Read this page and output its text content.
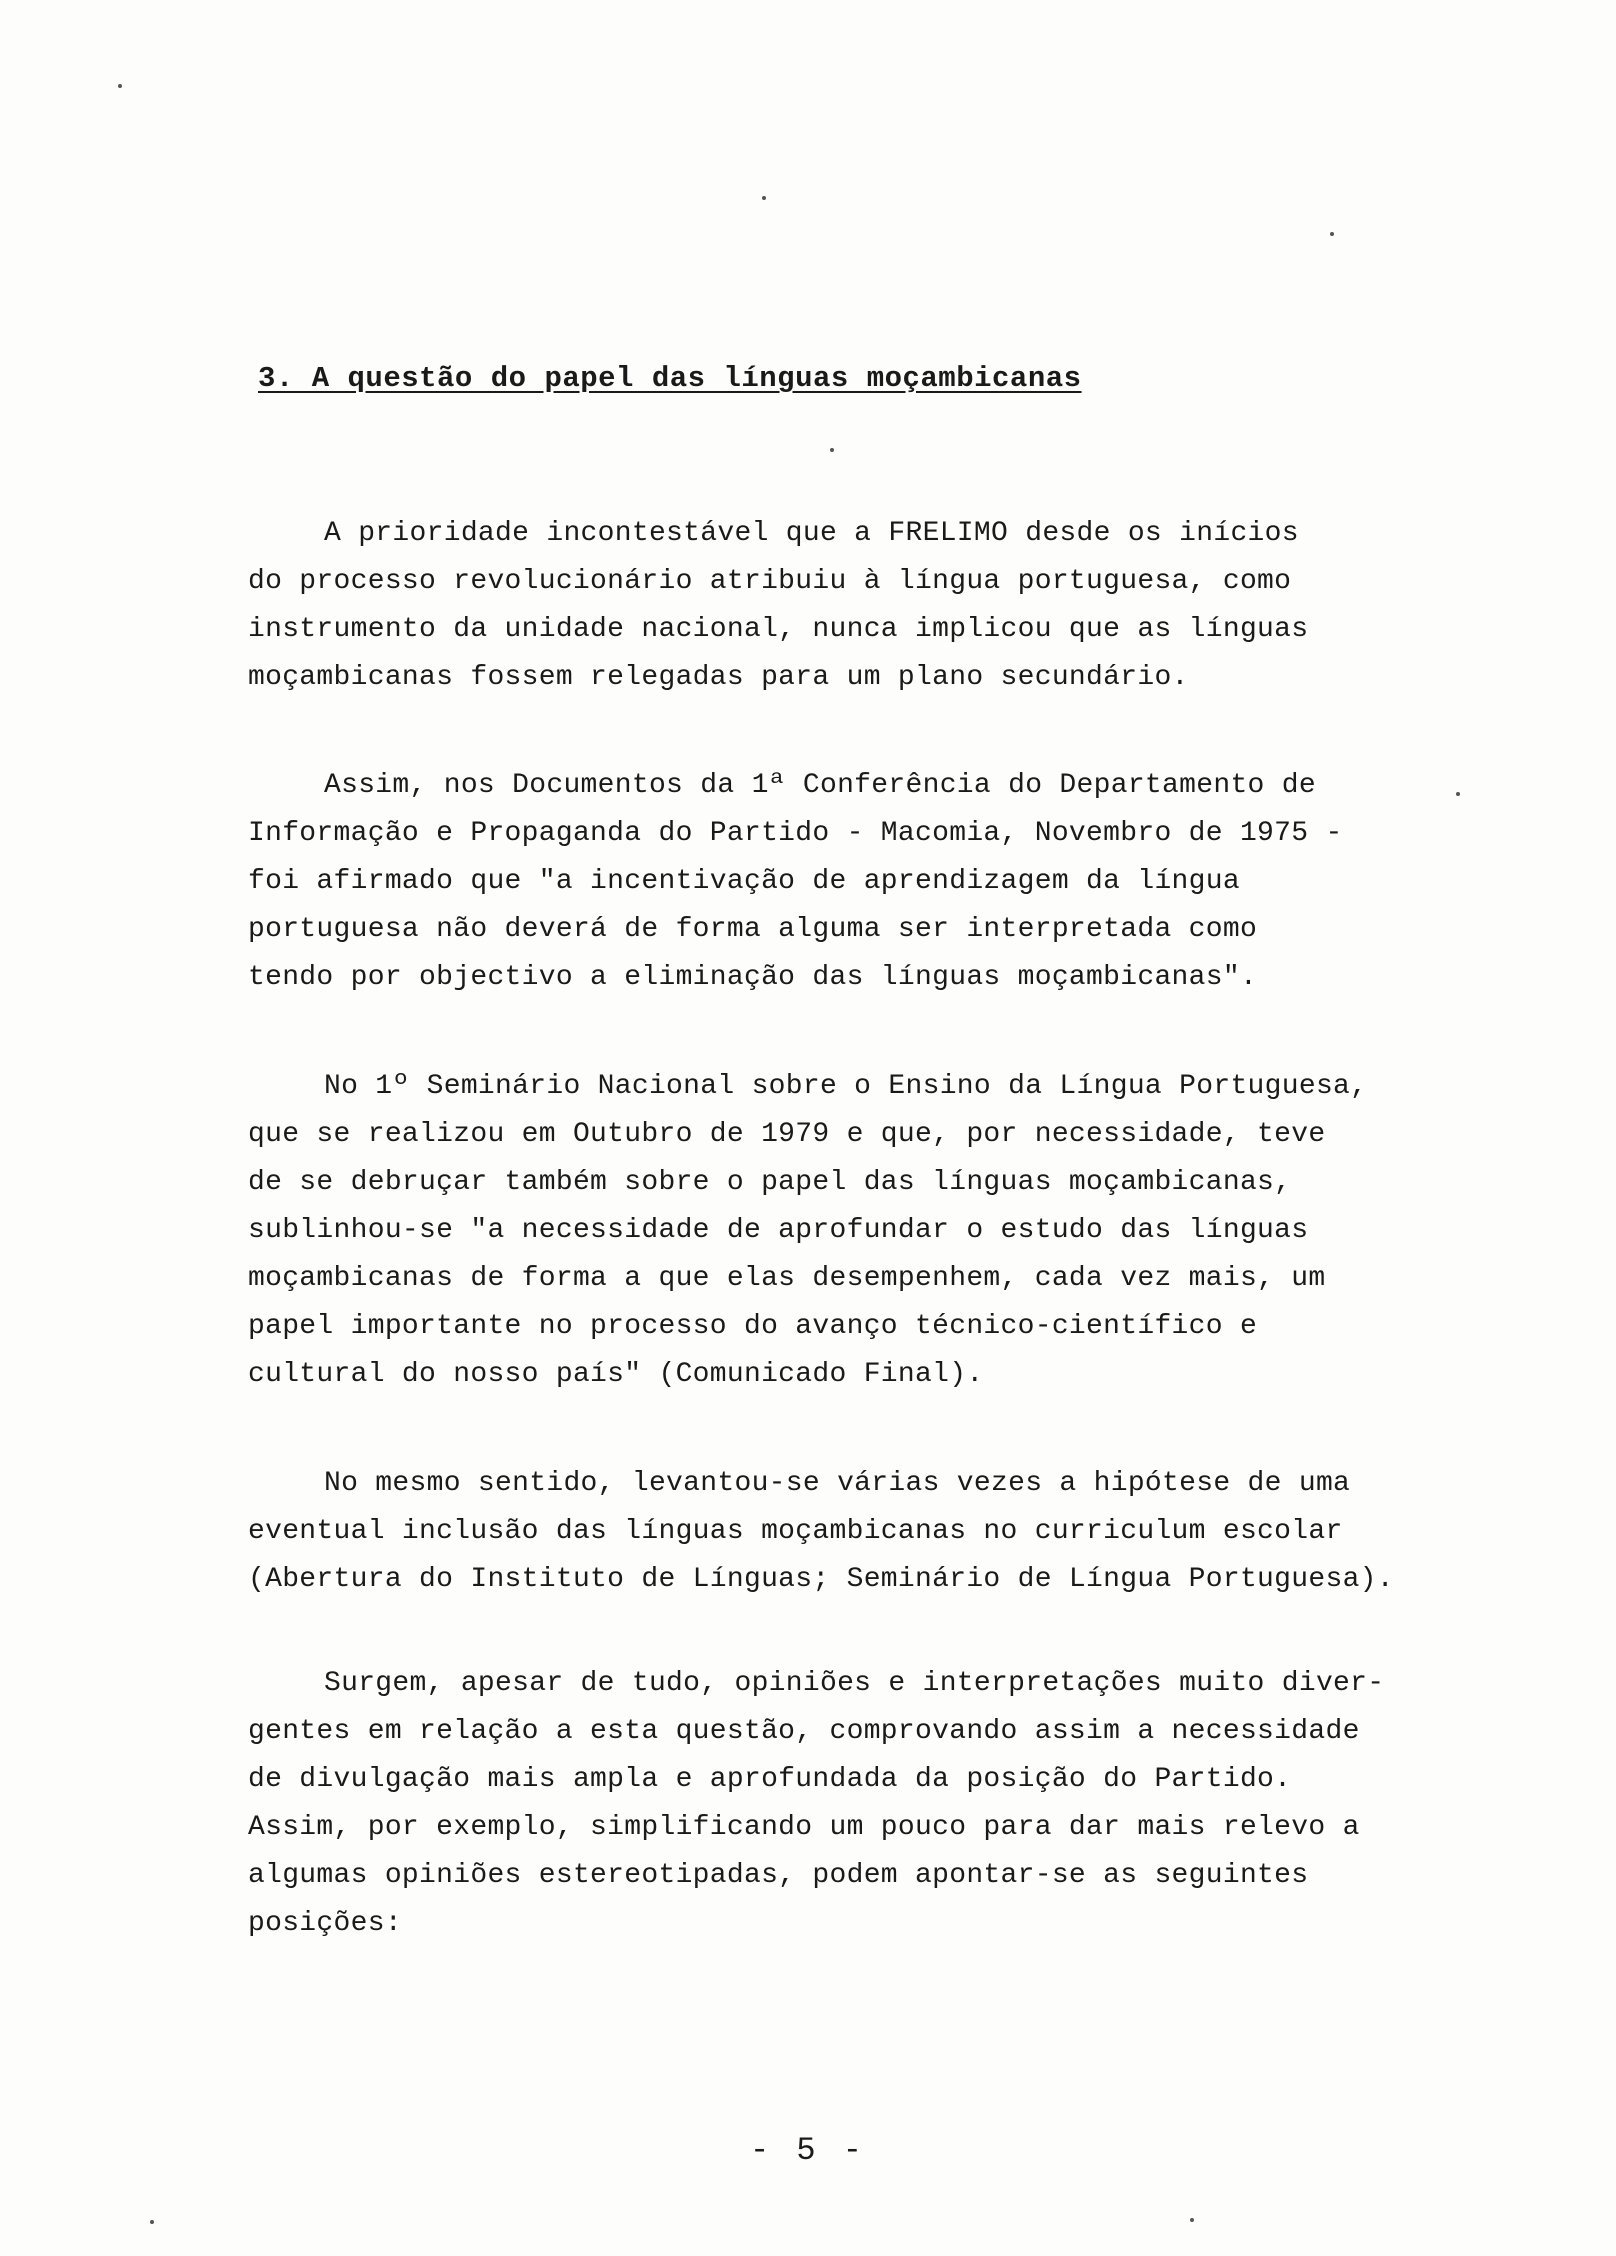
3. A questão do papel das línguas moçambicanas
A prioridade incontestável que a FRELIMO desde os inícios
do processo revolucionário atribuiu à língua portuguesa, como
instrumento da unidade nacional, nunca implicou que as línguas
moçambicanas fossem relegadas para um plano secundário.
Assim, nos Documentos da 1ª Conferência do Departamento de
Informação e Propaganda do Partido - Macomia, Novembro de 1975 -
foi afirmado que "a incentivação de aprendizagem da língua
portuguesa não deverá de forma alguma ser interpretada como
tendo por objectivo a eliminação das línguas moçambicanas".
No 1º Seminário Nacional sobre o Ensino da Língua Portuguesa,
que se realizou em Outubro de 1979 e que, por necessidade, teve
de se debruçar também sobre o papel das línguas moçambicanas,
sublinhou-se "a necessidade de aprofundar o estudo das línguas
moçambicanas de forma a que elas desempenhem, cada vez mais, um
papel importante no processo do avanço técnico-científico e
cultural do nosso país" (Comunicado Final).
No mesmo sentido, levantou-se várias vezes a hipótese de uma
eventual inclusão das línguas moçambicanas no curriculum escolar
(Abertura do Instituto de Línguas; Seminário de Língua Portuguesa).
Surgem, apesar de tudo, opiniões e interpretações muito diver-
gentes em relação a esta questão, comprovando assim a necessidade
de divulgação mais ampla e aprofundada da posição do Partido.
Assim, por exemplo, simplificando um pouco para dar mais relevo a
algumas opiniões estereotipadas, podem apontar-se as seguintes
posições:
- 5 -
